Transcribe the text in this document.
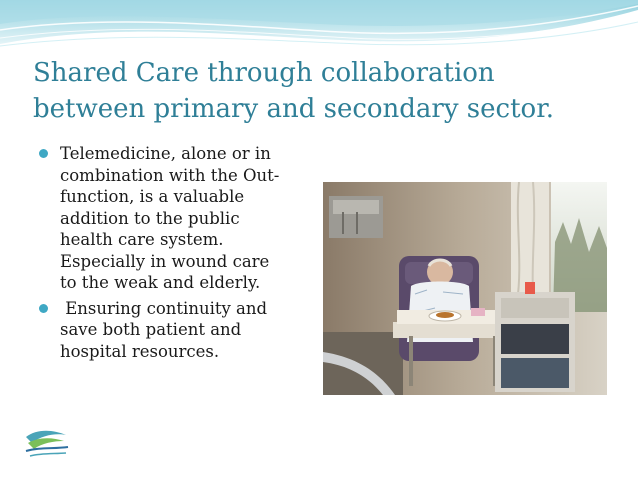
Shared Care through collaboration
between primary and secondary sector.
Telemedicine, alone or in
combination with the Out-
function, is a valuable
addition to the public
health care system.
Especially in wound care
to the weak and elderly.
Ensuring continuity and
save both patient and
hospital resources.
